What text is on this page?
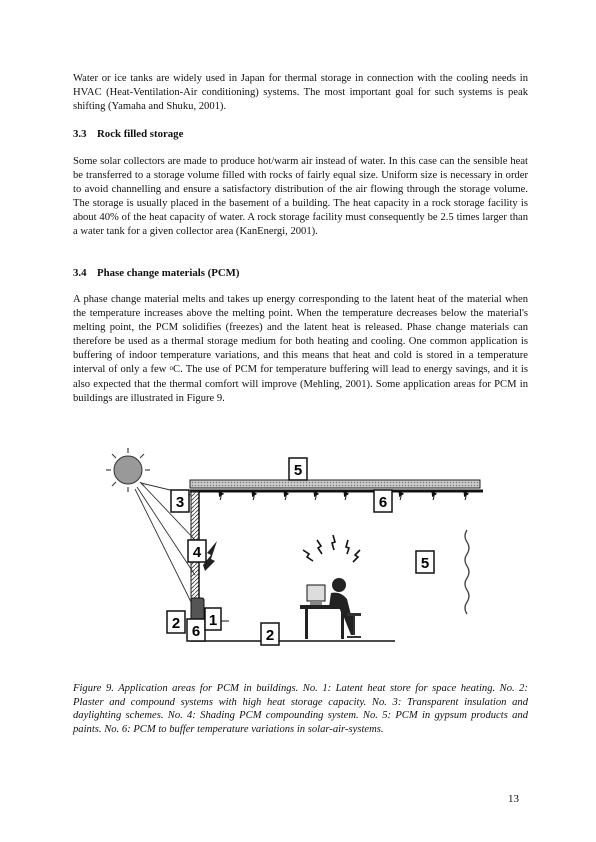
Water or ice tanks are widely used in Japan for thermal storage in connection with the cooling needs in HVAC (Heat-Ventilation-Air conditioning) systems. The most important goal for such systems is peak shifting (Yamaha and Shuku, 2001).

3.3 Rock filled storage

Some solar collectors are made to produce hot/warm air instead of water. In this case can the sensible heat be transferred to a storage volume filled with rocks of fairly equal size. Uniform size is necessary in order to avoid channelling and ensure a satisfactory distribution of the air flowing through the storage volume. The storage is usually placed in the basement of a building. The heat capacity in a rock storage facility is about 40% of the heat capacity of water. A rock storage facility must consequently be 2.5 times larger than a water tank for a given collector area (KanEnergi, 2001).

3.4 Phase change materials (PCM)

A phase change material melts and takes up energy corresponding to the latent heat of the material when the temperature increases above the melting point. When the temperature decreases below the material's melting point, the PCM solidifies (freezes) and the latent heat is released. Phase change materials can therefore be used as a thermal storage medium for both heating and cooling. One common application is buffering of indoor temperature variations, and this means that heat and cold is stored in a temperature interval of only a few $^o$C. The use of PCM for temperature buffering will lead to energy savings, and it is also expected that the thermal comfort will improve (Mehling, 2001). Some application areas for PCM in buildings are illustrated in Figure 9.

5
3	6
4
5
2 6
1
2

Figure 9. Application areas for PCM in buildings. No. 1: Latent heat store for space heating. No. 2: Plaster and compound systems with high heat storage capacity. No. 3: Transparent insulation and daylighting schemes. No. 4: Shading PCM compounding system. No. 5: PCM in gypsum products and paints. No. 6: PCM to buffer temperature variations in solar-air-systems.

13
